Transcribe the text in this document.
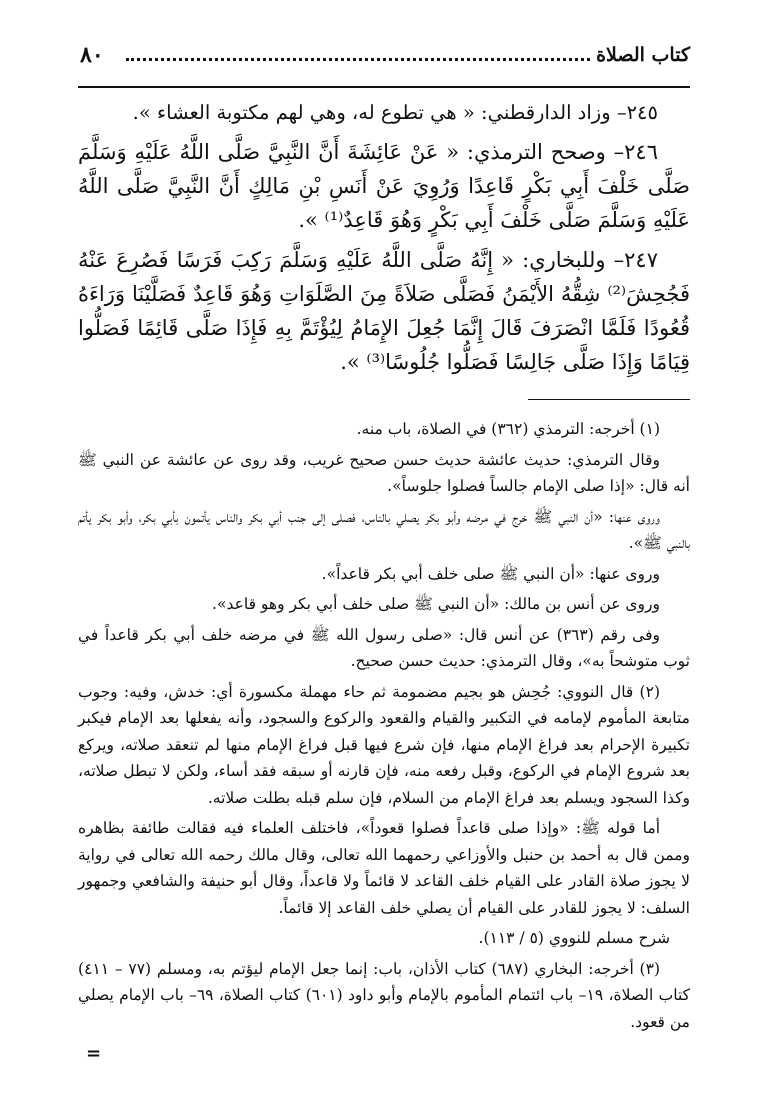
كتاب الصلاة
٨٠

٢٤٥– وزاد الدارقطني: « هي تطوع له، وهي لهم مكتوبة العشاء ».

٢٤٦– وصحح الترمذي: « عَنْ عَائِشَةَ أَنَّ النَّبِيَّ صَلَّى اللَّهُ عَلَيْهِ وَسَلَّمَ صَلَّى خَلْفَ أَبِي بَكْرٍ قَاعِدًا وَرُوِيَ عَنْ أَنَسِ بْنِ مَالِكٍ أَنَّ النَّبِيَّ صَلَّى اللَّهُ عَلَيْهِ وَسَلَّمَ صَلَّى خَلْفَ أَبِي بَكْرٍ وَهُوَ قَاعِدٌ⁽¹⁾ ».

٢٤٧– وللبخاري: « إِنَّهُ صَلَّى اللَّهُ عَلَيْهِ وَسَلَّمَ رَكِبَ فَرَسًا فَصُرِعَ عَنْهُ فَجُحِشَ⁽²⁾ شِقُّهُ الأَيْمَنُ فَصَلَّى صَلاَةً مِنَ الصَّلَوَاتِ وَهُوَ قَاعِدٌ فَصَلَّيْنَا وَرَاءَهُ قُعُودًا فَلَمَّا انْصَرَفَ قَالَ إِنَّمَا جُعِلَ الإِمَامُ لِيُؤْتَمَّ بِهِ فَإِذَا صَلَّى قَائِمًا فَصَلُّوا قِيَامًا وَإِذَا صَلَّى جَالِسًا فَصَلُّوا جُلُوسًا⁽³⁾ ».

(١) أخرجه: الترمذي (٣٦٢) في الصلاة، باب منه.

وقال الترمذي: حديث عائشة حديث حسن صحيح غريب، وقد روى عن عائشة عن النبي ﷺ أنه قال: «إذا صلى الإمام جالساً فصلوا جلوساً».

وروى عنها: «أن النبي ﷺ خرج في مرضه وأبو بكر يصلي بالناس، فصلى إلى جنب أبي بكر والناس يأتمون بأبي بكر، وأبو بكر يأتم بالنبي ﷺ».

وروى عنها: «أن النبي ﷺ صلى خلف أبي بكر قاعداً».

وروى عن أنس بن مالك: «أن النبي ﷺ صلى خلف أبي بكر وهو قاعد».

وفى رقم (٣٦٣) عن أنس قال: «صلى رسول الله ﷺ في مرضه خلف أبي بكر قاعداً في ثوب متوشحاً به»، وقال الترمذي: حديث حسن صحيح.

(٢) قال النووي: جُحِش هو بجيم مضمومة ثم حاء مهملة مكسورة أي: خدش، وفيه: وجوب متابعة المأموم لإمامه في التكبير والقيام والقعود والركوع والسجود، وأنه يفعلها بعد الإمام فيكبر تكبيرة الإحرام بعد فراغ الإمام منها، فإن شرع فيها قبل فراغ الإمام منها لم تنعقد صلاته، ويركع بعد شروع الإمام في الركوع، وقبل رفعه منه، فإن قارنه أو سبقه فقد أساء، ولكن لا تبطل صلاته، وكذا السجود ويسلم بعد فراغ الإمام من السلام، فإن سلم قبله بطلت صلاته.

أما قوله ﷺ: «وإذا صلى قاعداً فصلوا قعوداً»، فاختلف العلماء فيه فقالت طائفة بظاهره وممن قال به أحمد بن حنبل والأوزاعي رحمهما الله تعالى، وقال مالك رحمه الله تعالى في رواية لا يجوز صلاة القادر على القيام خلف القاعد لا قائماً ولا قاعداً، وقال أبو حنيفة والشافعي وجمهور السلف: لا يجوز للقادر على القيام أن يصلي خلف القاعد إلا قائماً.

شرح مسلم للنووي (٥ / ١١٣).

(٣) أخرجه: البخاري (٦٨٧) كتاب الأذان، باب: إنما جعل الإمام ليؤتم به، ومسلم (٧٧ – ٤١١) كتاب الصلاة، ١٩– باب ائتمام المأموم بالإمام وأبو داود (٦٠١) كتاب الصلاة، ٦٩– باب الإمام يصلي من قعود.

=
